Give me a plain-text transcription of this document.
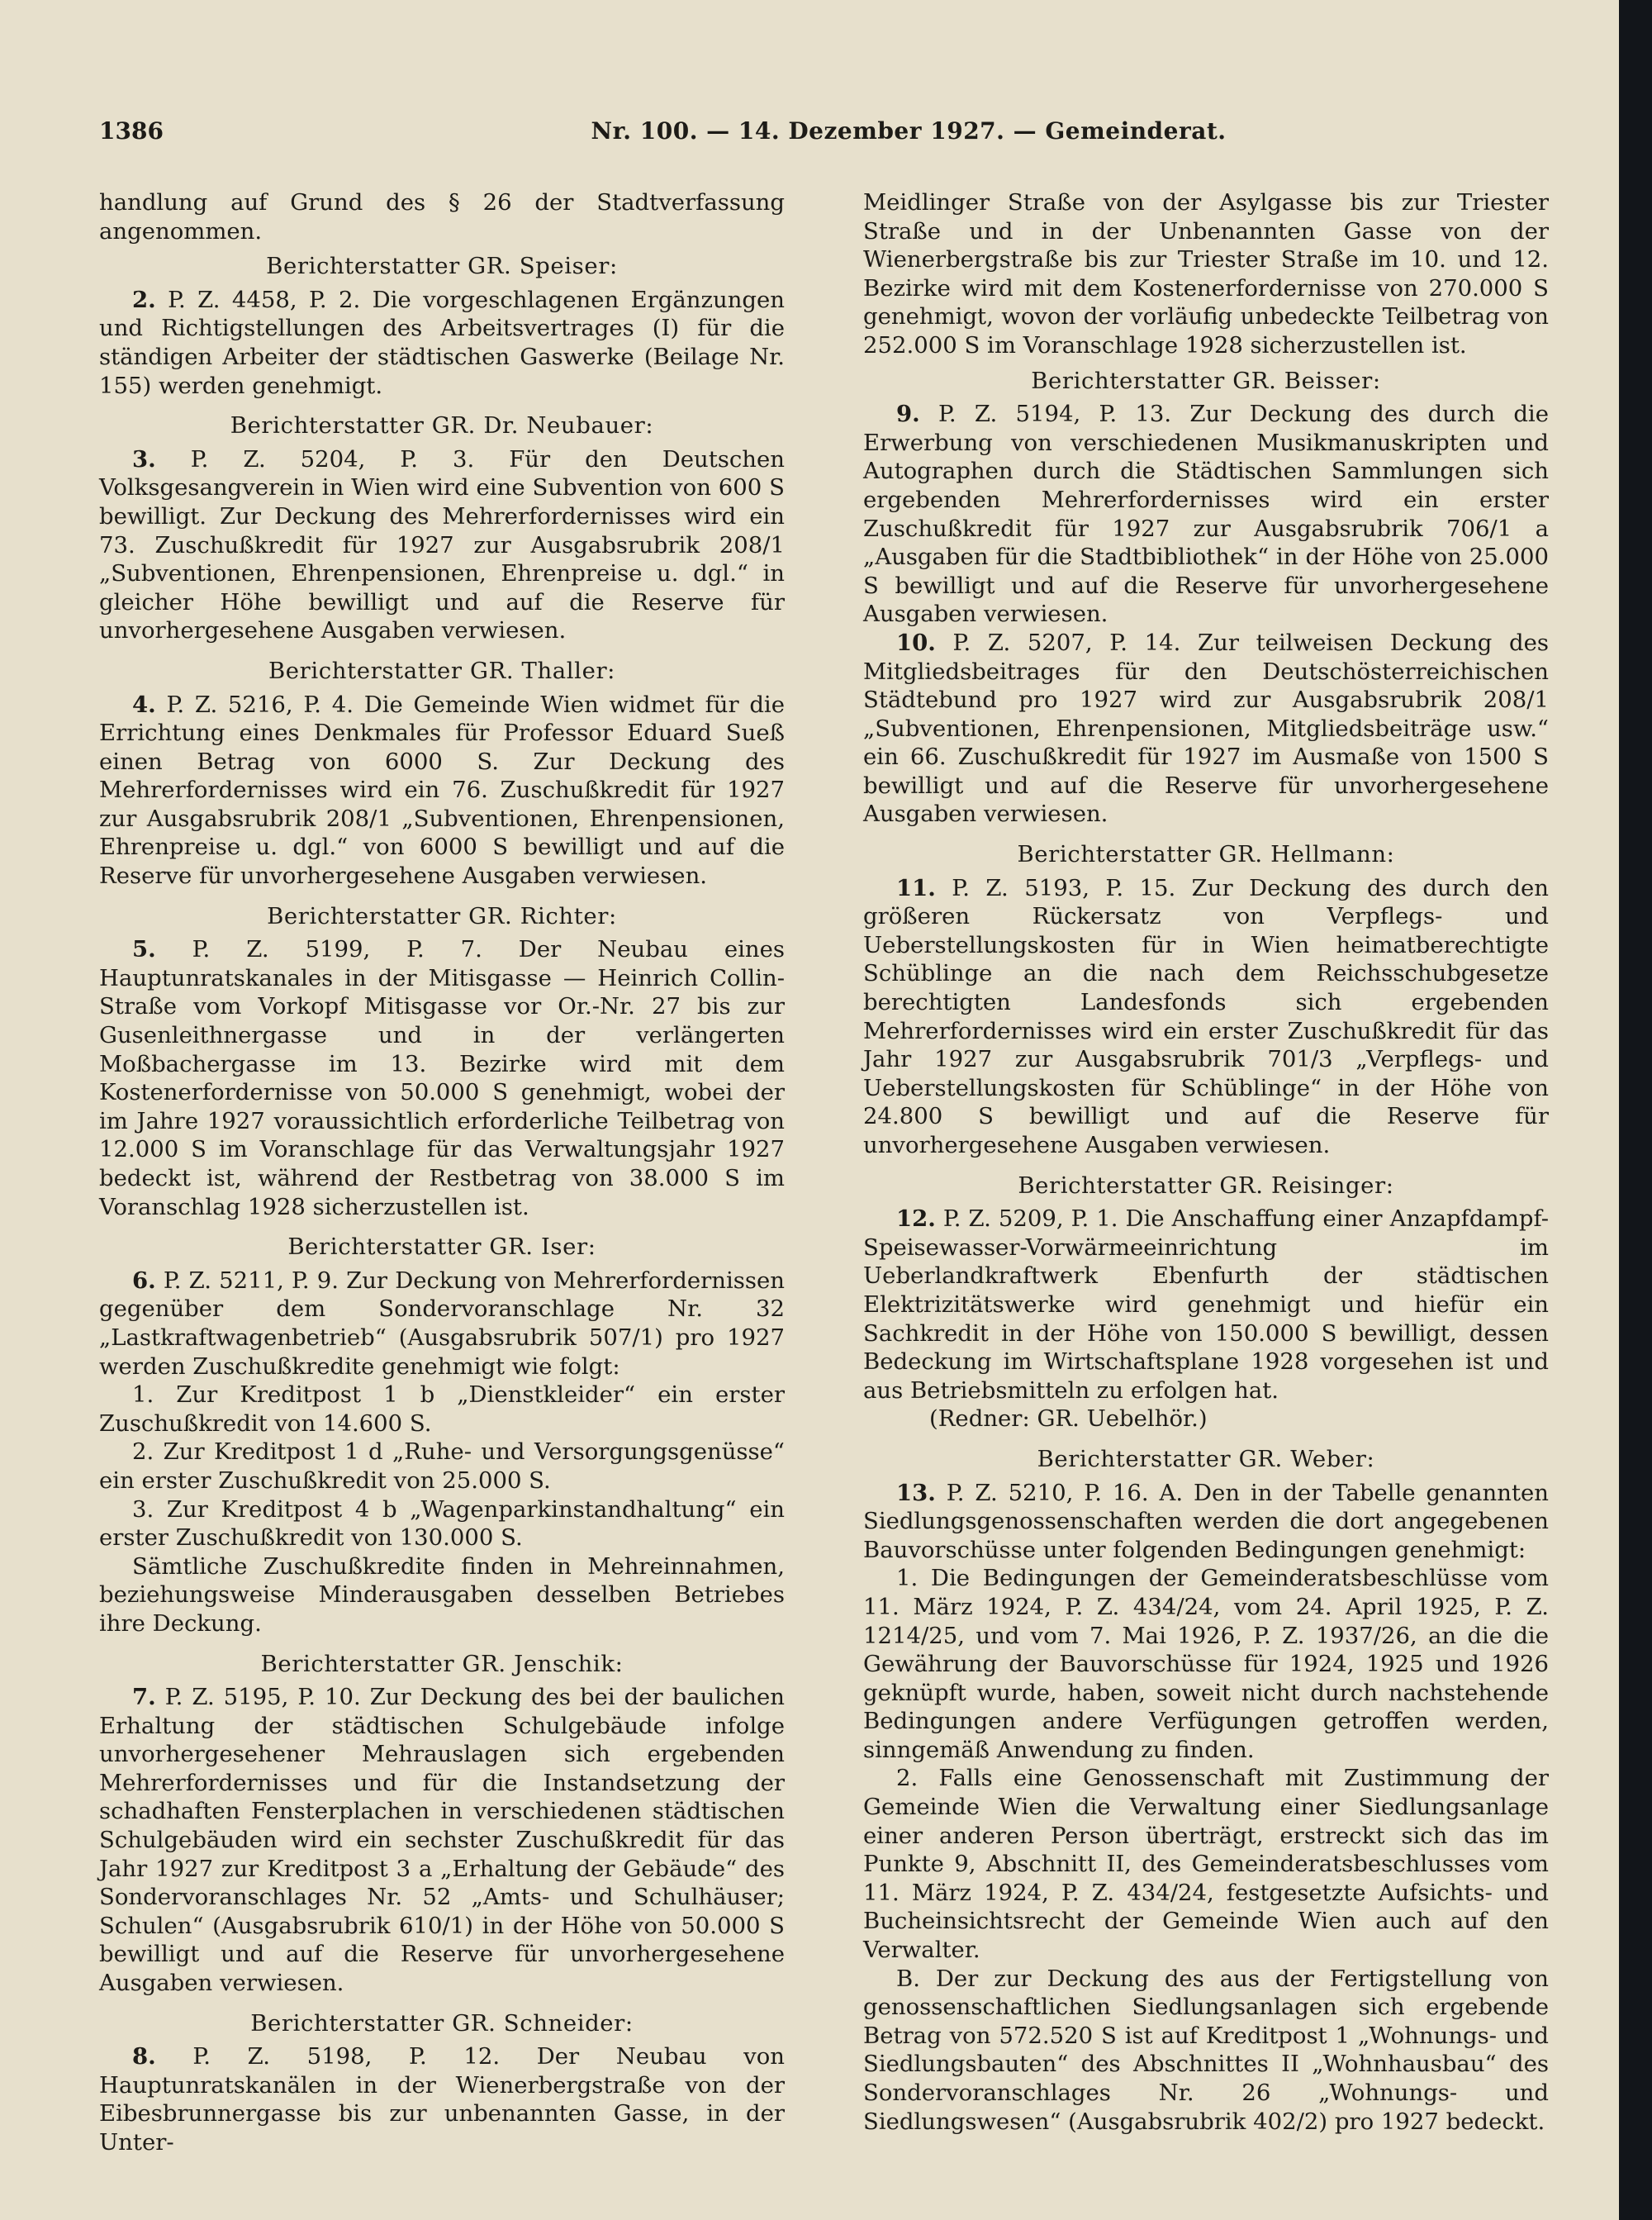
1386	Nr. 100. — 14. Dezember 1927. — Gemeinderat.

handlung auf Grund des § 26 der Stadtverfassung angenommen.

Berichterstatter GR. Speiser:

2. P. Z. 4458, P. 2. Die vorgeschlagenen Ergänzungen und Richtigstellungen des Arbeitsvertrages (I) für die ständigen Arbeiter der städtischen Gaswerke (Beilage Nr. 155) werden genehmigt.

Berichterstatter GR. Dr. Neubauer:

3. P. Z. 5204, P. 3. Für den Deutschen Volksgesangverein in Wien wird eine Subvention von 600 S bewilligt. Zur Deckung des Mehrerfordernisses wird ein 73. Zuschußkredit für 1927 zur Ausgabsrubrik 208/1 „Subventionen, Ehrenpensionen, Ehrenpreise u. dgl.“ in gleicher Höhe bewilligt und auf die Reserve für unvorhergesehene Ausgaben verwiesen.

Berichterstatter GR. Thaller:

4. P. Z. 5216, P. 4. Die Gemeinde Wien widmet für die Errichtung eines Denkmales für Professor Eduard Sueß einen Betrag von 6000 S. Zur Deckung des Mehrerfordernisses wird ein 76. Zuschußkredit für 1927 zur Ausgabsrubrik 208/1 „Subventionen, Ehrenpensionen, Ehrenpreise u. dgl.“ von 6000 S bewilligt und auf die Reserve für unvorhergesehene Ausgaben verwiesen.

Berichterstatter GR. Richter:

5. P. Z. 5199, P. 7. Der Neubau eines Hauptunratskanales in der Mitisgasse — Heinrich Collin-Straße vom Vorkopf Mitisgasse vor Or.-Nr. 27 bis zur Gusenleithnergasse und in der verlängerten Moßbachergasse im 13. Bezirke wird mit dem Kostenerfordernisse von 50.000 S genehmigt, wobei der im Jahre 1927 voraussichtlich erforderliche Teilbetrag von 12.000 S im Voranschlage für das Verwaltungsjahr 1927 bedeckt ist, während der Restbetrag von 38.000 S im Voranschlag 1928 sicherzustellen ist.

Berichterstatter GR. Iser:

6. P. Z. 5211, P. 9. Zur Deckung von Mehrerfordernissen gegenüber dem Sondervoranschlage Nr. 32 „Lastkraftwagenbetrieb“ (Ausgabsrubrik 507/1) pro 1927 werden Zuschußkredite genehmigt wie folgt:

1. Zur Kreditpost 1 b „Dienstkleider“ ein erster Zuschußkredit von 14.600 S.

2. Zur Kreditpost 1 d „Ruhe- und Versorgungsgenüsse“ ein erster Zuschußkredit von 25.000 S.

3. Zur Kreditpost 4 b „Wagenparkinstandhaltung“ ein erster Zuschußkredit von 130.000 S.

Sämtliche Zuschußkredite finden in Mehreinnahmen, beziehungsweise Minderausgaben desselben Betriebes ihre Deckung.

Berichterstatter GR. Jenschik:

7. P. Z. 5195, P. 10. Zur Deckung des bei der baulichen Erhaltung der städtischen Schulgebäude infolge unvorhergesehener Mehrauslagen sich ergebenden Mehrerfordernisses und für die Instandsetzung der schadhaften Fensterplachen in verschiedenen städtischen Schulgebäuden wird ein sechster Zuschußkredit für das Jahr 1927 zur Kreditpost 3 a „Erhaltung der Gebäude“ des Sondervoranschlages Nr. 52 „Amts- und Schulhäuser; Schulen“ (Ausgabsrubrik 610/1) in der Höhe von 50.000 S bewilligt und auf die Reserve für unvorhergesehene Ausgaben verwiesen.

Berichterstatter GR. Schneider:

8. P. Z. 5198, P. 12. Der Neubau von Hauptunratskanälen in der Wienerbergstraße von der Eibesbrunnergasse bis zur unbenannten Gasse, in der Unter-

Meidlinger Straße von der Asylgasse bis zur Triester Straße und in der Unbenannten Gasse von der Wienerbergstraße bis zur Triester Straße im 10. und 12. Bezirke wird mit dem Kostenerfordernisse von 270.000 S genehmigt, wovon der vorläufig unbedeckte Teilbetrag von 252.000 S im Voranschlage 1928 sicherzustellen ist.

Berichterstatter GR. Beisser:

9. P. Z. 5194, P. 13. Zur Deckung des durch die Erwerbung von verschiedenen Musikmanuskripten und Autographen durch die Städtischen Sammlungen sich ergebenden Mehrerfordernisses wird ein erster Zuschußkredit für 1927 zur Ausgabsrubrik 706/1 a „Ausgaben für die Stadtbibliothek“ in der Höhe von 25.000 S bewilligt und auf die Reserve für unvorhergesehene Ausgaben verwiesen.

10. P. Z. 5207, P. 14. Zur teilweisen Deckung des Mitgliedsbeitrages für den Deutschösterreichischen Städtebund pro 1927 wird zur Ausgabsrubrik 208/1 „Subventionen, Ehrenpensionen, Mitgliedsbeiträge usw.“ ein 66. Zuschußkredit für 1927 im Ausmaße von 1500 S bewilligt und auf die Reserve für unvorhergesehene Ausgaben verwiesen.

Berichterstatter GR. Hellmann:

11. P. Z. 5193, P. 15. Zur Deckung des durch den größeren Rückersatz von Verpflegs- und Ueberstellungskosten für in Wien heimatberechtigte Schüblinge an die nach dem Reichsschubgesetze berechtigten Landesfonds sich ergebenden Mehrerfordernisses wird ein erster Zuschußkredit für das Jahr 1927 zur Ausgabsrubrik 701/3 „Verpflegs- und Ueberstellungskosten für Schüblinge“ in der Höhe von 24.800 S bewilligt und auf die Reserve für unvorhergesehene Ausgaben verwiesen.

Berichterstatter GR. Reisinger:

12. P. Z. 5209, P. 1. Die Anschaffung einer Anzapfdampf-Speisewasser-Vorwärmeeinrichtung im Ueberlandkraftwerk Ebenfurth der städtischen Elektrizitätswerke wird genehmigt und hiefür ein Sachkredit in der Höhe von 150.000 S bewilligt, dessen Bedeckung im Wirtschaftsplane 1928 vorgesehen ist und aus Betriebsmitteln zu erfolgen hat.

(Redner: GR. Uebelhör.)

Berichterstatter GR. Weber:

13. P. Z. 5210, P. 16. A. Den in der Tabelle genannten Siedlungsgenossenschaften werden die dort angegebenen Bauvorschüsse unter folgenden Bedingungen genehmigt:

1. Die Bedingungen der Gemeinderatsbeschlüsse vom 11. März 1924, P. Z. 434/24, vom 24. April 1925, P. Z. 1214/25, und vom 7. Mai 1926, P. Z. 1937/26, an die die Gewährung der Bauvorschüsse für 1924, 1925 und 1926 geknüpft wurde, haben, soweit nicht durch nachstehende Bedingungen andere Verfügungen getroffen werden, sinngemäß Anwendung zu finden.

2. Falls eine Genossenschaft mit Zustimmung der Gemeinde Wien die Verwaltung einer Siedlungsanlage einer anderen Person überträgt, erstreckt sich das im Punkte 9, Abschnitt II, des Gemeinderatsbeschlusses vom 11. März 1924, P. Z. 434/24, festgesetzte Aufsichts- und Bucheinsichtsrecht der Gemeinde Wien auch auf den Verwalter.

B. Der zur Deckung des aus der Fertigstellung von genossenschaftlichen Siedlungsanlagen sich ergebende Betrag von 572.520 S ist auf Kreditpost 1 „Wohnungs- und Siedlungsbauten“ des Abschnittes II „Wohnhausbau“ des Sondervoranschlages Nr. 26 „Wohnungs- und Siedlungswesen“ (Ausgabsrubrik 402/2) pro 1927 bedeckt.
